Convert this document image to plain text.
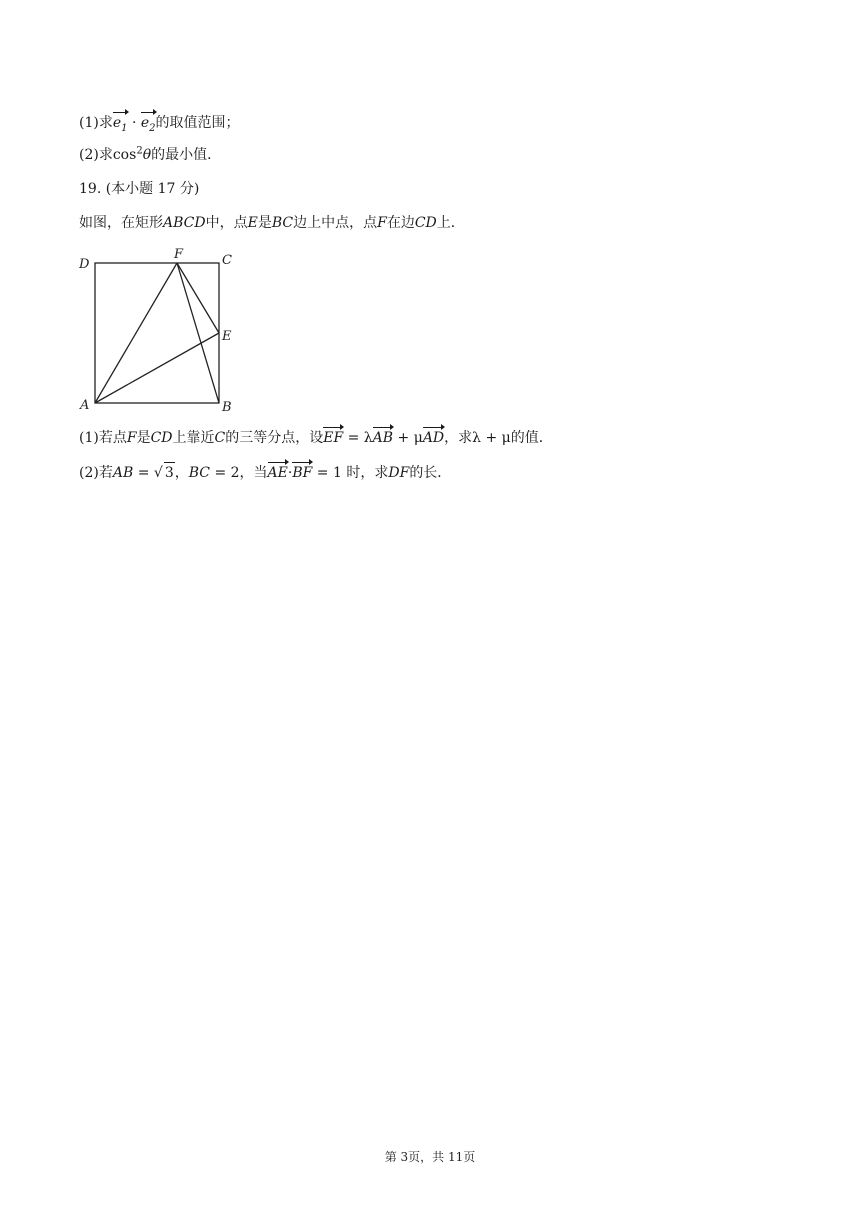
(1)求$e_1 \cdot e_2$的取值范围；
(2)求$\cos^2\theta$的最小值．
19. (本小题 17 分)
如图，在矩形ABCD中，点E是BC边上中点，点F在边CD上．
D
F	C
E
A	B
(1)若点F是CD上靠近C的三等分点，设EF = λAB + μAD，求λ + μ的值．
(2)若AB = √ 3，BC = 2，当AE·BF = 1 时，求DF的长．
第 3页，共 11页
